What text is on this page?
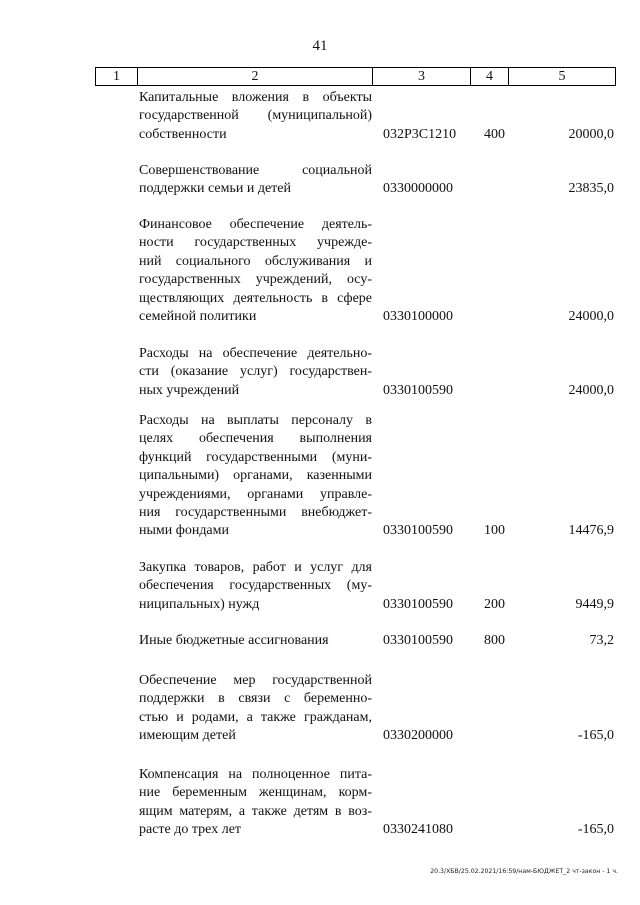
41
1	2	3	4	5
Капитальные вложения в объекты
государственной (муниципальной)
собственности	032P3C1210 400	20000,0
Совершенствование социальной
поддержки семьи и детей	0330000000	23835,0
Финансовое обеспечение деятель-
ности государственных учрежде-
ний социального обслуживания и
государственных учреждений, осу-
ществляющих деятельность в сфере
семейной политики	0330100000	24000,0
Расходы на обеспечение деятельно-
сти (оказание услуг) государствен-
ных учреждений	0330100590	24000,0
Расходы на выплаты персоналу в
целях обеспечения выполнения
функций государственными (муни-
ципальными) органами, казенными
учреждениями, органами управле-
ния государственными внебюджет-
ными фондами	0330100590 100	14476,9
Закупка товаров, работ и услуг для
обеспечения государственных (му-
ниципальных) нужд	0330100590 200	9449,9
Иные бюджетные ассигнования	0330100590 800	73,2
Обеспечение мер государственной
поддержки в связи с беременно-
стью и родами, а также гражданам,
имеющим детей	0330200000	-165,0
Компенсация на полноценное пита-
ние беременным женщинам, корм-
ящим матерям, а также детям в воз-
расте до трех лет	0330241080	-165,0
20.3/ХБВ/25.02.2021/16:59/нам-БЮДЖЕТ_2 чт-закон - 1 ч.
